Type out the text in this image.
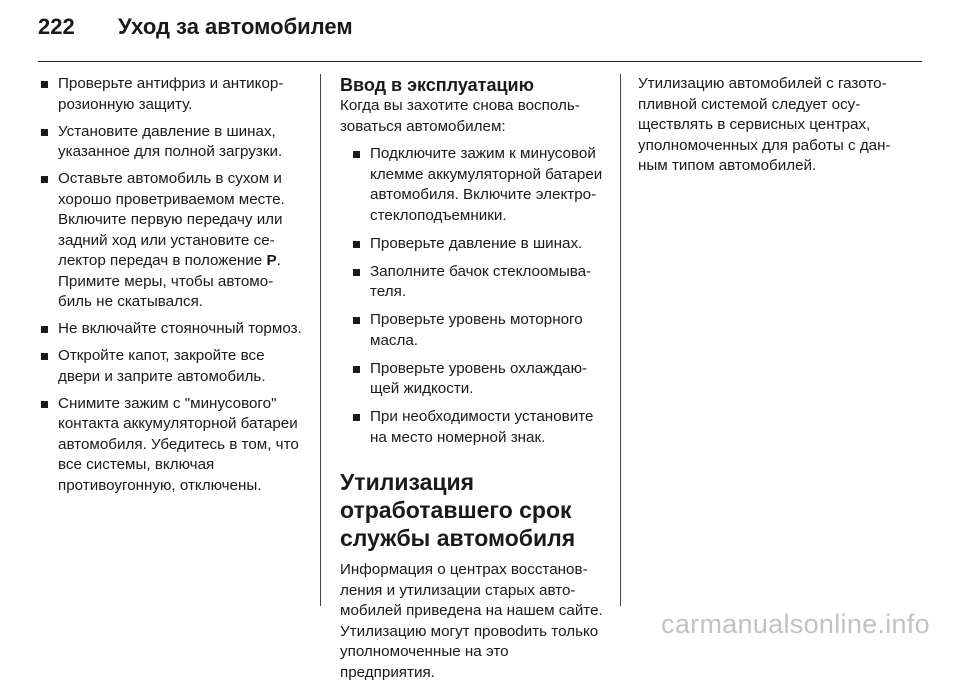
222	Уход за автомобилем
Проверьте антифриз и антикоррозионную защиту.
Установите давление в шинах, указанное для полной загрузки.
Оставьте автомобиль в сухом и хорошо проветриваемом месте. Включите первую передачу или задний ход или установите селектор передач в положение P. Примите меры, чтобы автомобиль не скатывался.
Не включайте стояночный тормоз.
Откройте капот, закройте все двери и заприте автомобиль.
Снимите зажим с "минусового" контакта аккумуляторной батареи автомобиля. Убедитесь в том, что все системы, включая противоугонную, отключены.
Ввод в эксплуатацию

Когда вы захотите снова воспользоваться автомобилем:

Подключите зажим к минусовой клемме аккумуляторной батареи автомобиля. Включите электростеклоподъемники.
Проверьте давление в шинах.
Заполните бачок стеклоомывателя.
Проверьте уровень моторного масла.
Проверьте уровень охлаждающей жидкости.
При необходимости установите на место номерной знак.
Утилизация отработавшего срок службы автомобиля

Информация о центрах восстановления и утилизации старых автомобилей приведена на нашем сайте. Утилизацию могут провоdить только уполномоченные на это предприятия.

Утилизацию автомобилей с газотопливной системой следует осуществлять в сервисных центрах, уполномоченных для работы с данным типом автомобилей.

carmanualsonline.info
